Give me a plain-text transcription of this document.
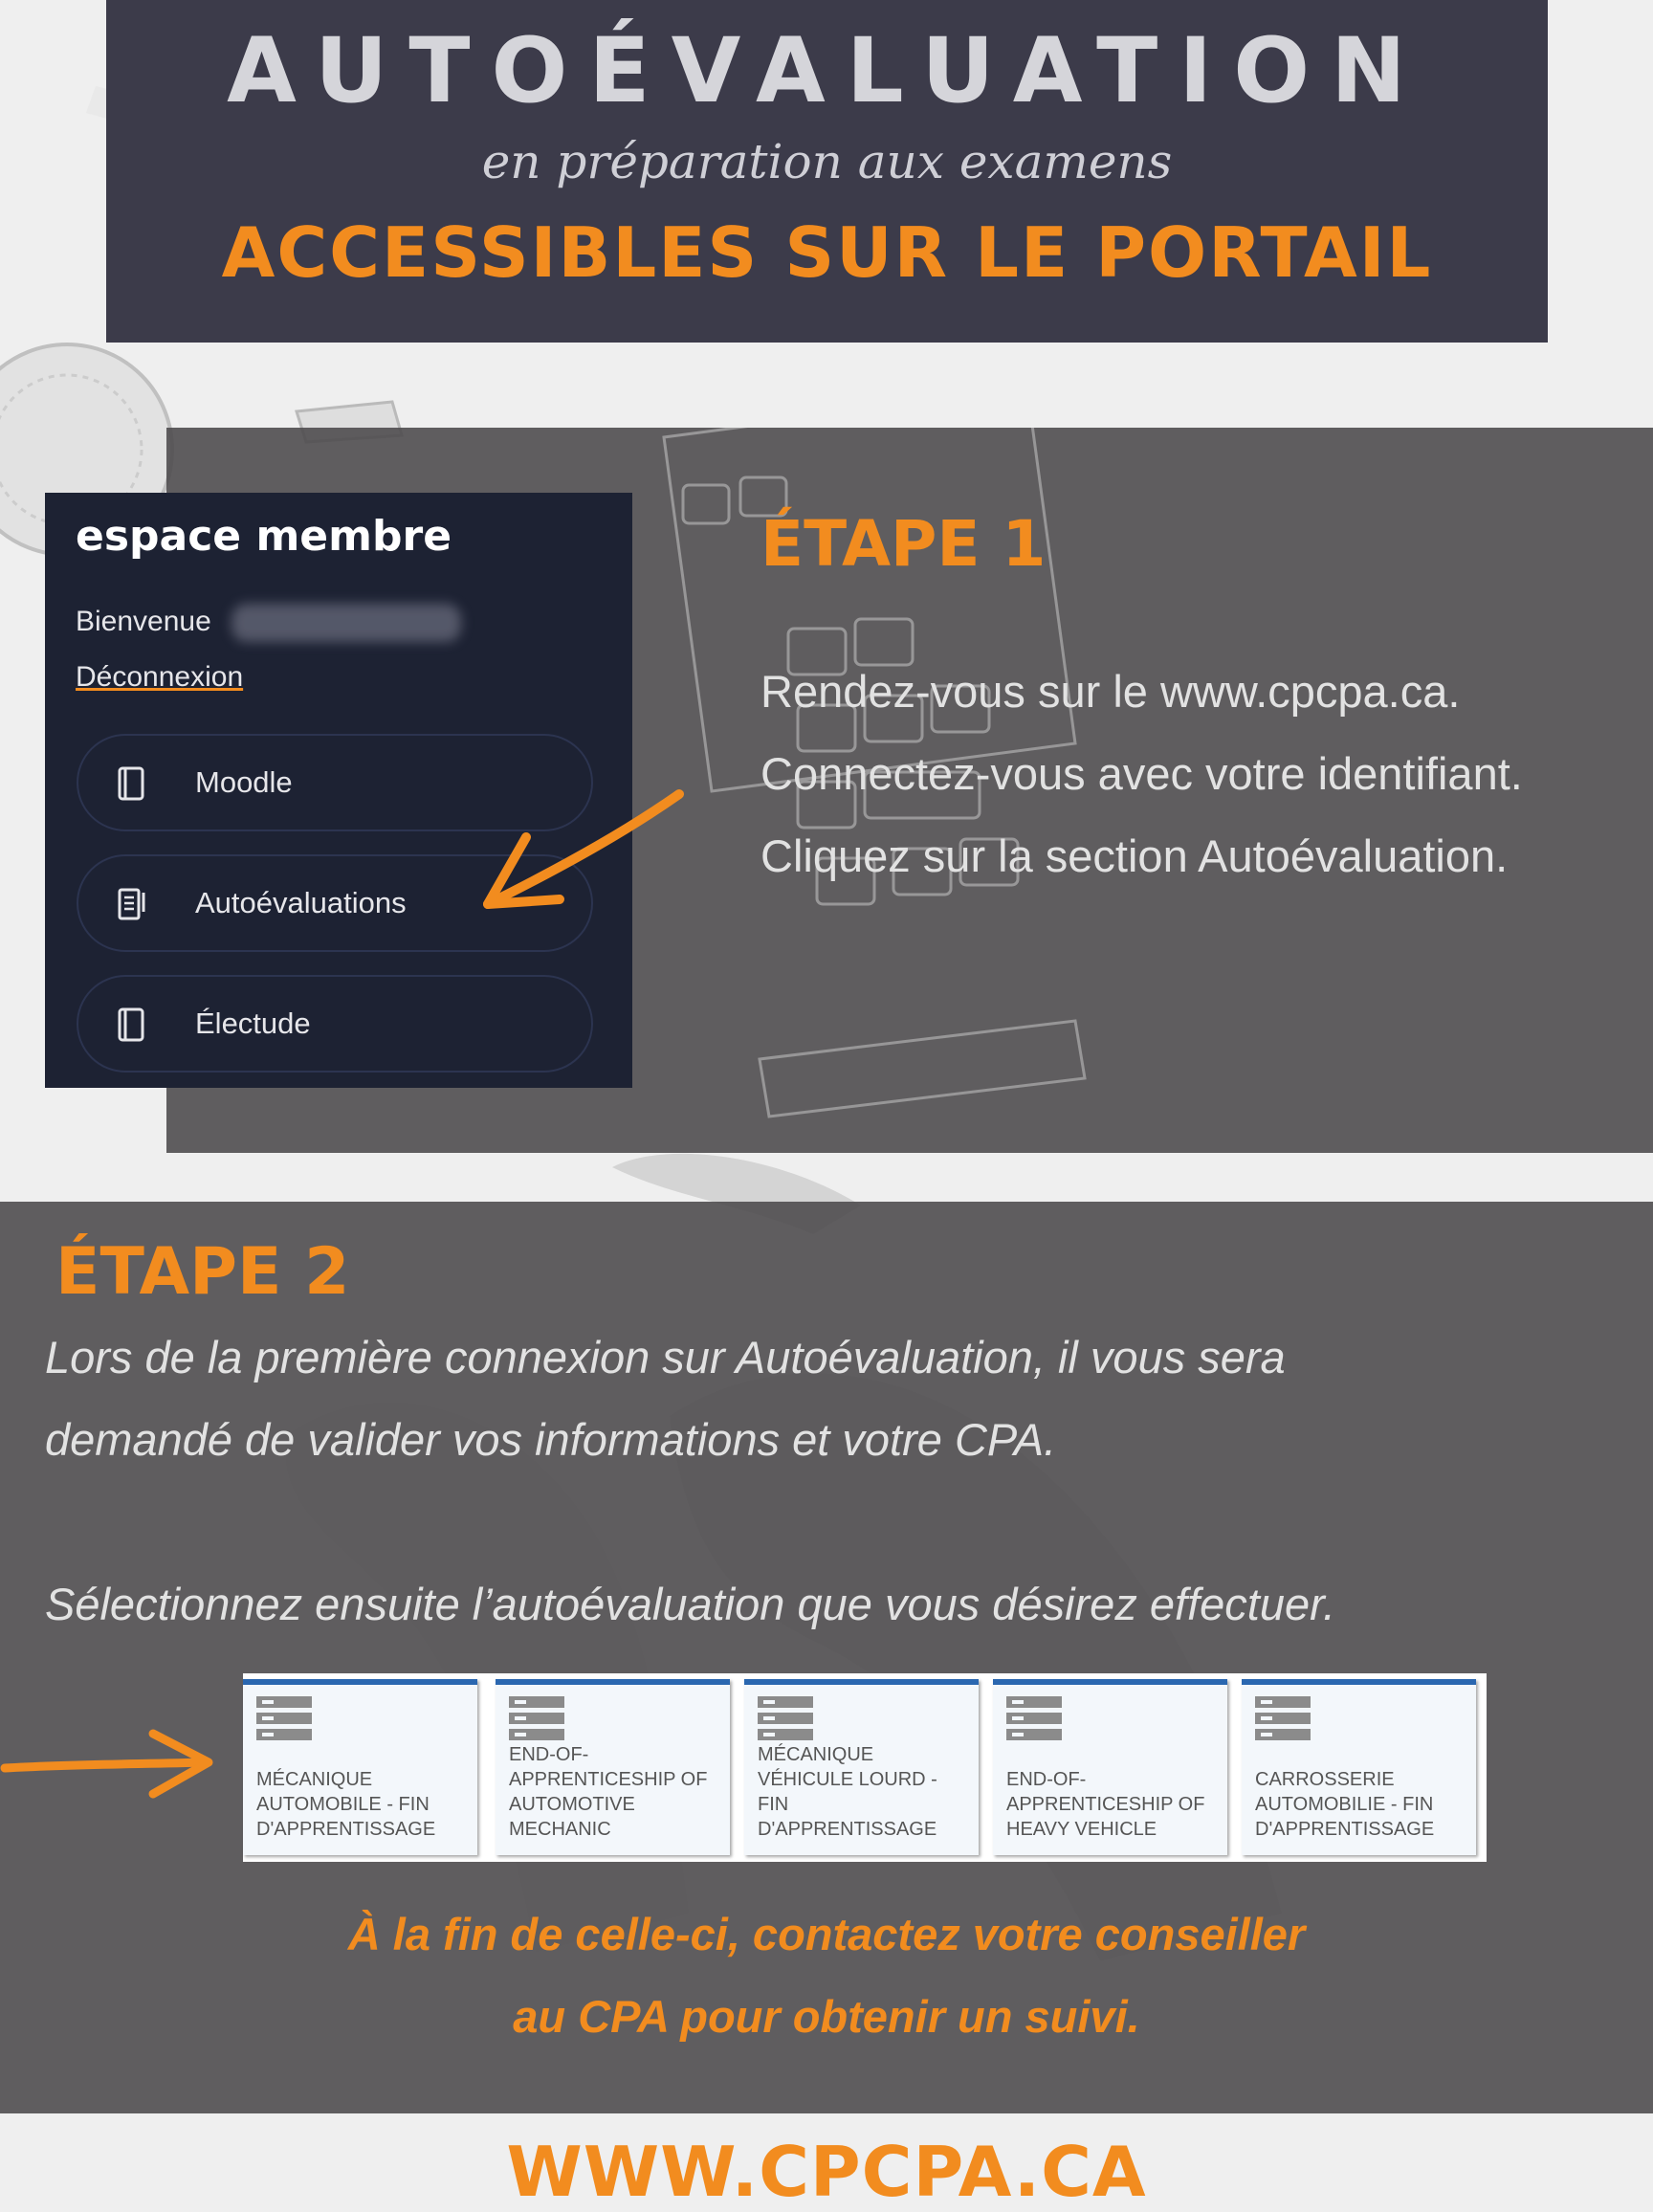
AUTOÉVALUATION
en préparation aux examens
ACCESSIBLES SUR LE PORTAIL
espace membre
Bienvenue
Déconnexion
Moodle
Autoévaluations
Électude
ÉTAPE 1
Rendez-vous sur le www.cpcpa.ca.
Connectez-vous avec votre identifiant.
Cliquez sur la section Autoévaluation.
ÉTAPE 2
Lors de la première connexion sur Autoévaluation, il vous sera
demandé de valider vos informations et votre CPA.
Sélectionnez ensuite l’autoévaluation que vous désirez effectuer.
MÉCANIQUE AUTOMOBILE - FIN D'APPRENTISSAGE
END-OF-APPRENTICESHIP OF AUTOMOTIVE MECHANIC
MÉCANIQUE VÉHICULE LOURD - FIN D'APPRENTISSAGE
END-OF-APPRENTICESHIP OF HEAVY VEHICLE
CARROSSERIE AUTOMOBILIE - FIN D'APPRENTISSAGE
À la fin de celle-ci, contactez votre conseiller
au CPA pour obtenir un suivi.
WWW.CPCPA.CA
